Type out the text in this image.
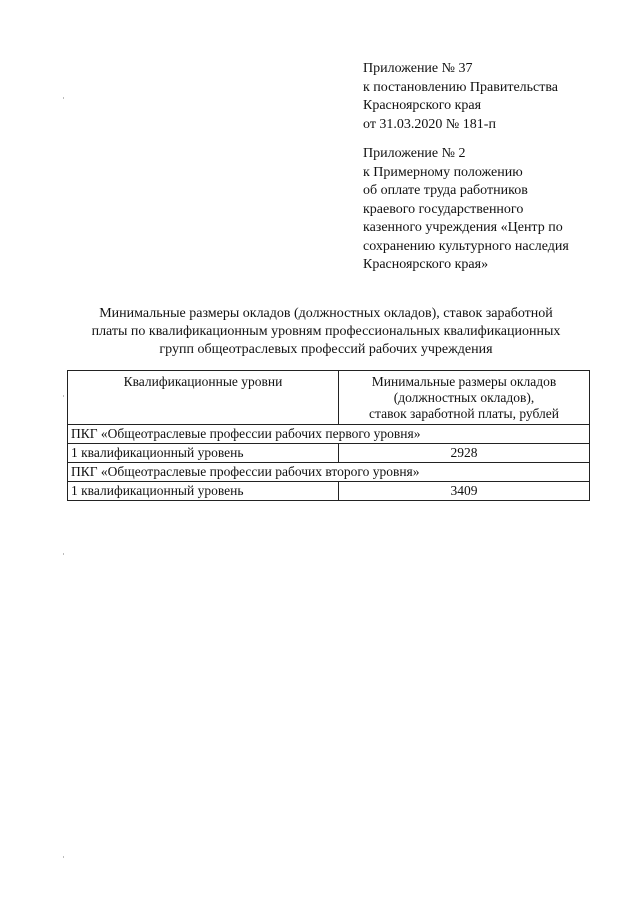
Приложение № 37
к постановлению Правительства
Красноярского края
от 31.03.2020 № 181-п
Приложение № 2
к Примерному положению
об оплате труда работников
краевого государственного
казенного учреждения «Центр по
сохранению культурного наследия
Красноярского края»
Минимальные размеры окладов (должностных окладов), ставок заработной
платы по квалификационным уровням профессиональных квалификационных
групп общеотраслевых профессий рабочих учреждения
Квалификационные уровни	Минимальные размеры окладов
(должностных окладов),
ставок заработной платы, рублей

ПКГ «Общеотраслевые профессии рабочих первого уровня»	
1 квалификационный уровень	2928
ПКГ «Общеотраслевые профессии рабочих второго уровня»	
1 квалификационный уровень	3409
